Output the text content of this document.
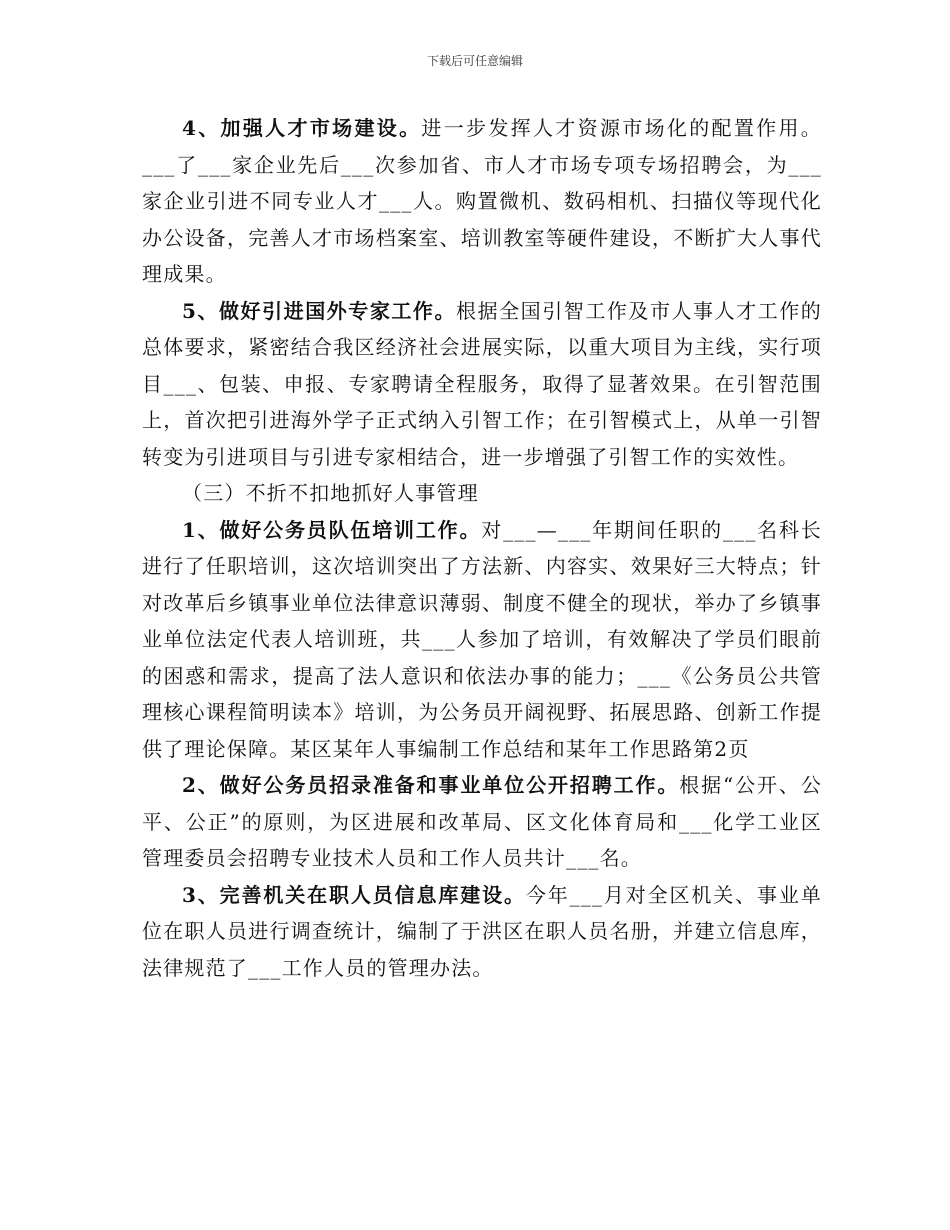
下载后可任意编辑

4、加强人才市场建设。进一步发挥人才资源市场化的配置作用。___了___家企业先后___次参加省、市人才市场专项专场招聘会，为___家企业引进不同专业人才___人。购置微机、数码相机、扫描仪等现代化办公设备，完善人才市场档案室、培训教室等硬件建设，不断扩大人事代理成果。

5、做好引进国外专家工作。根据全国引智工作及市人事人才工作的总体要求，紧密结合我区经济社会进展实际，以重大项目为主线，实行项目___、包装、申报、专家聘请全程服务，取得了显著效果。在引智范围上，首次把引进海外学子正式纳入引智工作；在引智模式上，从单一引智转变为引进项目与引进专家相结合，进一步增强了引智工作的实效性。

（三）不折不扣地抓好人事管理

1、做好公务员队伍培训工作。对___—___年期间任职的___名科长进行了任职培训，这次培训突出了方法新、内容实、效果好三大特点；针对改革后乡镇事业单位法律意识薄弱、制度不健全的现状，举办了乡镇事业单位法定代表人培训班，共___人参加了培训，有效解决了学员们眼前的困惑和需求，提高了法人意识和依法办事的能力；___《公务员公共管理核心课程简明读本》培训，为公务员开阔视野、拓展思路、创新工作提供了理论保障。某区某年人事编制工作总结和某年工作思路第2页

2、做好公务员招录准备和事业单位公开招聘工作。根据“公开、公平、公正”的原则，为区进展和改革局、区文化体育局和___化学工业区管理委员会招聘专业技术人员和工作人员共计___名。

3、完善机关在职人员信息库建设。今年___月对全区机关、事业单位在职人员进行调查统计，编制了于洪区在职人员名册，并建立信息库，法律规范了___工作人员的管理办法。
